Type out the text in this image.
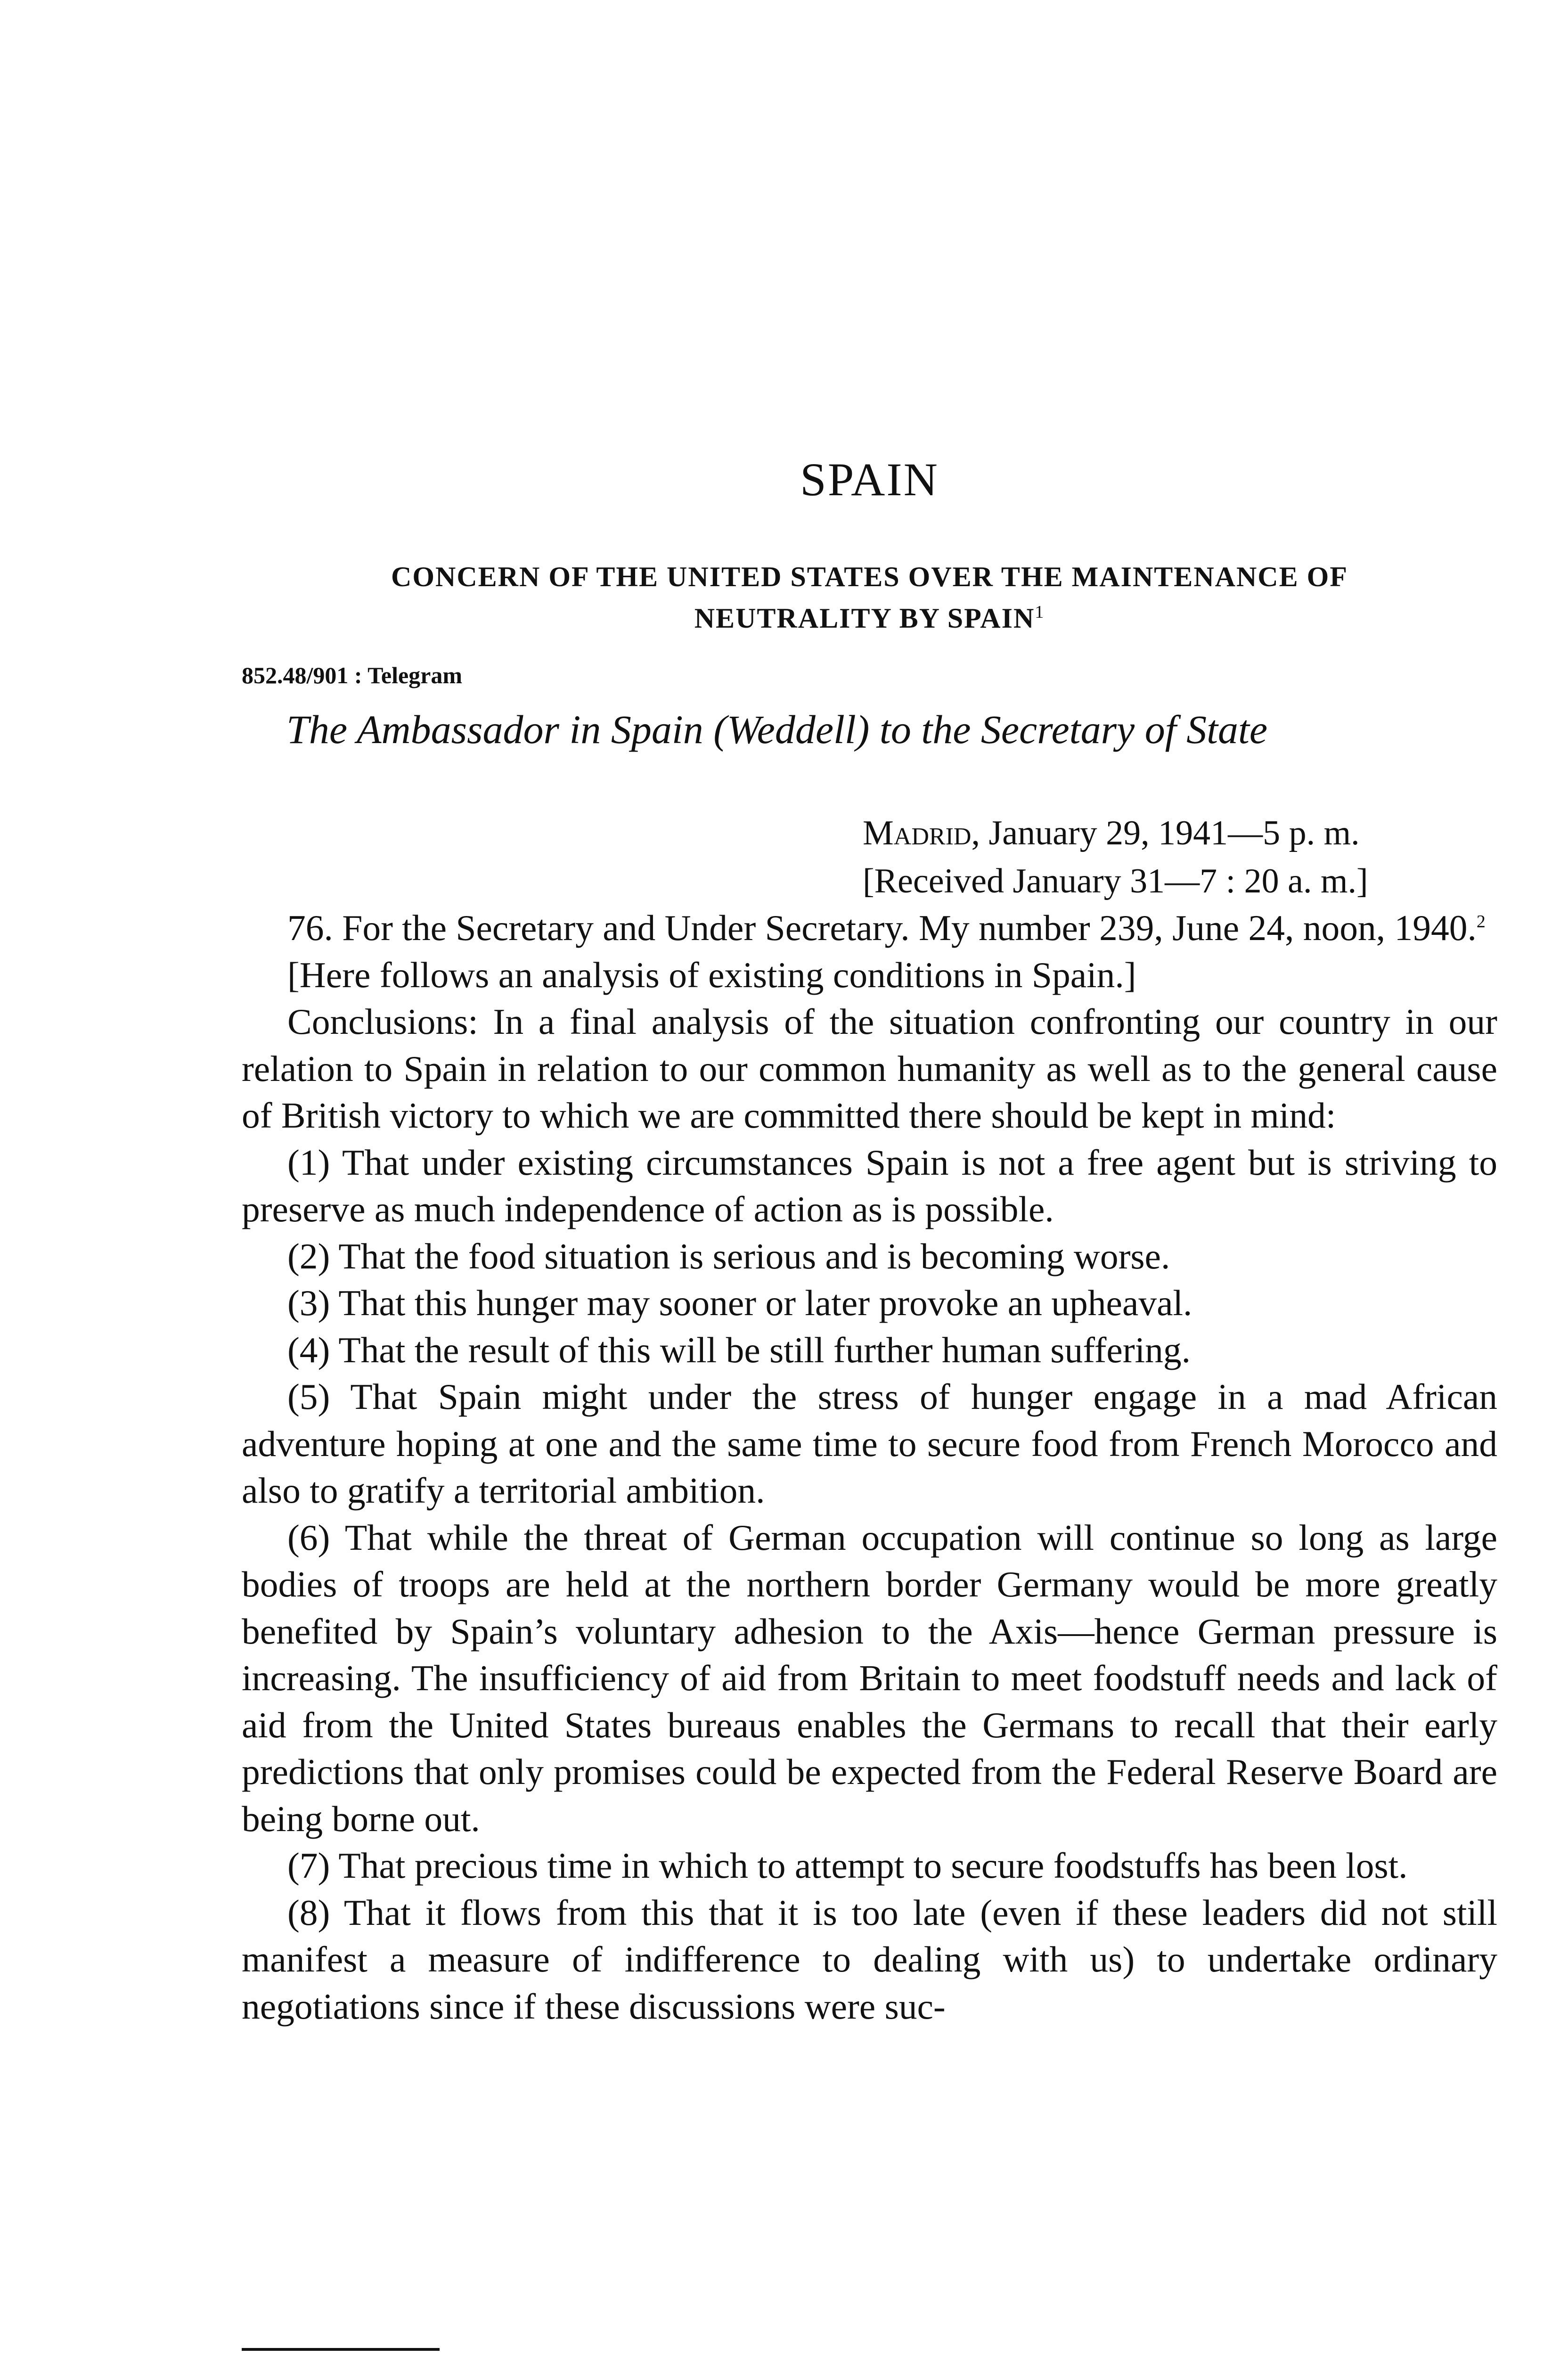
SPAIN
CONCERN OF THE UNITED STATES OVER THE MAINTENANCE OF
NEUTRALITY BY SPAIN$^1$
852.48/901 : Telegram
The Ambassador in Spain (Weddell) to the Secretary of State
Madrid, January 29, 1941—5 p. m.
[Received January 31—7 : 20 a. m.]

76. For the Secretary and Under Secretary. My number 239, June 24, noon, 1940.$^2$

[Here follows an analysis of existing conditions in Spain.]

Conclusions: In a final analysis of the situation confronting our country in our relation to Spain in relation to our common humanity as well as to the general cause of British victory to which we are committed there should be kept in mind:

(1) That under existing circumstances Spain is not a free agent but is striving to preserve as much independence of action as is possible.

(2) That the food situation is serious and is becoming worse.

(3) That this hunger may sooner or later provoke an upheaval.

(4) That the result of this will be still further human suffering.

(5) That Spain might under the stress of hunger engage in a mad African adventure hoping at one and the same time to secure food from French Morocco and also to gratify a territorial ambition.

(6) That while the threat of German occupation will continue so long as large bodies of troops are held at the northern border Germany would be more greatly benefited by Spain’s voluntary adhesion to the Axis—hence German pressure is increasing. The insufficiency of aid from Britain to meet foodstuff needs and lack of aid from the United States bureaus enables the Germans to recall that their early predictions that only promises could be expected from the Federal Reserve Board are being borne out.

(7) That precious time in which to attempt to secure foodstuffs has been lost.

(8) That it flows from this that it is too late (even if these leaders did not still manifest a measure of indifference to dealing with us) to undertake ordinary negotiations since if these discussions were suc-
